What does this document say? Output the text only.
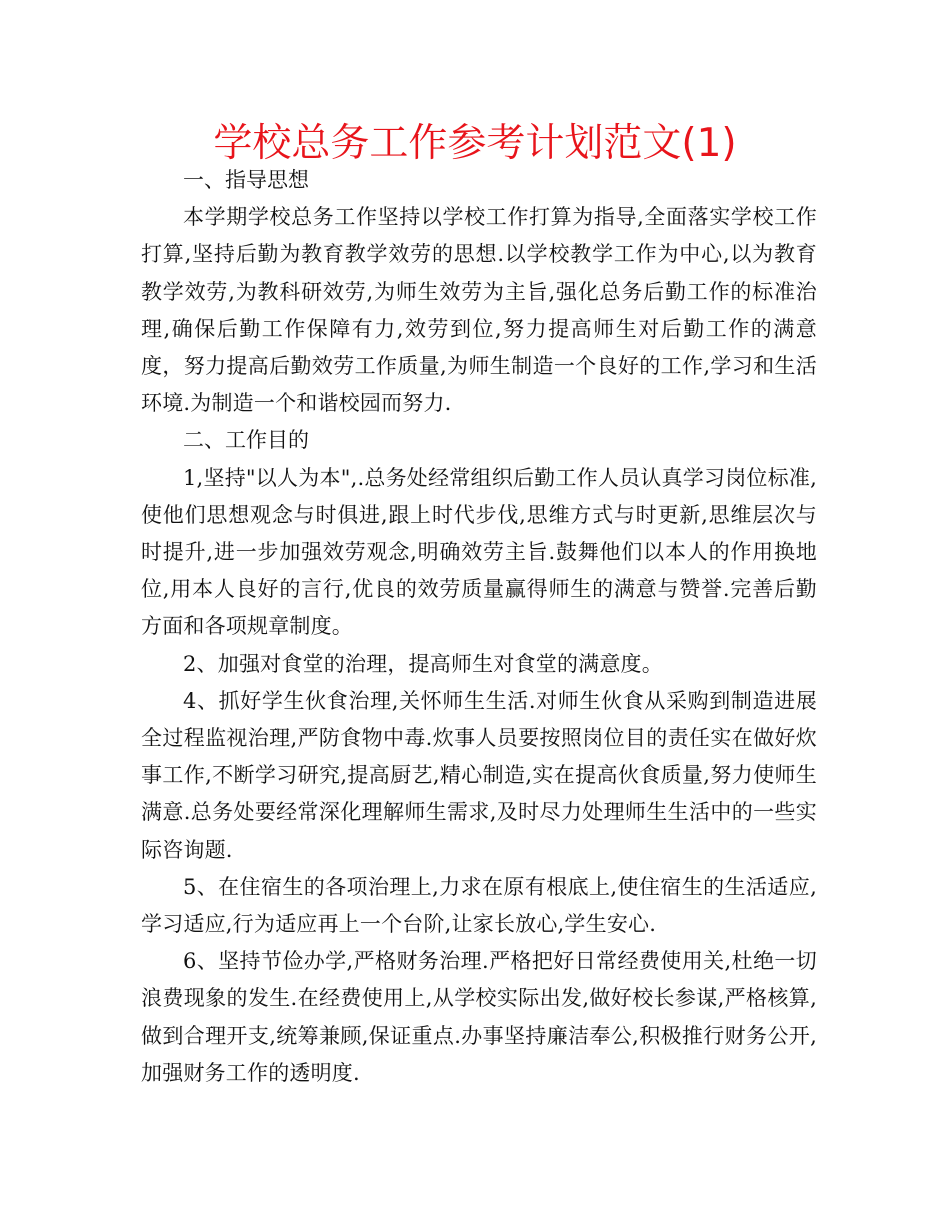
学校总务工作参考计划范文(1)

一、指导思想

本学期学校总务工作坚持以学校工作打算为指导,全面落实学校工作打算,坚持后勤为教育教学效劳的思想.以学校教学工作为中心,以为教育教学效劳,为教科研效劳,为师生效劳为主旨,强化总务后勤工作的标准治理,确保后勤工作保障有力,效劳到位,努力提高师生对后勤工作的满意度，努力提高后勤效劳工作质量,为师生制造一个良好的工作,学习和生活环境.为制造一个和谐校园而努力.

二、工作目的

1,坚持"以人为本",.总务处经常组织后勤工作人员认真学习岗位标准,使他们思想观念与时俱进,跟上时代步伐,思维方式与时更新,思维层次与时提升,进一步加强效劳观念,明确效劳主旨.鼓舞他们以本人的作用换地位,用本人良好的言行,优良的效劳质量赢得师生的满意与赞誉.完善后勤方面和各项规章制度。

2、加强对食堂的治理，提高师生对食堂的满意度。

4、抓好学生伙食治理,关怀师生生活.对师生伙食从采购到制造进展全过程监视治理,严防食物中毒.炊事人员要按照岗位目的责任实在做好炊事工作,不断学习研究,提高厨艺,精心制造,实在提高伙食质量,努力使师生满意.总务处要经常深化理解师生需求,及时尽力处理师生生活中的一些实际咨询题.

5、在住宿生的各项治理上,力求在原有根底上,使住宿生的生活适应,学习适应,行为适应再上一个台阶,让家长放心,学生安心.

6、坚持节俭办学,严格财务治理.严格把好日常经费使用关,杜绝一切浪费现象的发生.在经费使用上,从学校实际出发,做好校长参谋,严格核算,做到合理开支,统筹兼顾,保证重点.办事坚持廉洁奉公,积极推行财务公开,加强财务工作的透明度.
